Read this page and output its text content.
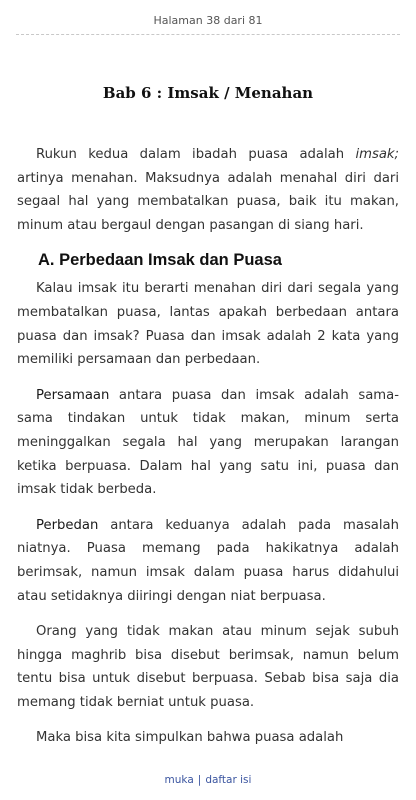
Halaman 38 dari 81
Bab 6 : Imsak / Menahan

Rukun kedua dalam ibadah puasa adalah imsak; artinya menahan. Maksudnya adalah menahal diri dari segaal hal yang membatalkan puasa, baik itu makan, minum atau bergaul dengan pasangan di siang hari.

A. Perbedaan Imsak dan Puasa

Kalau imsak itu berarti menahan diri dari segala yang membatalkan puasa, lantas apakah berbedaan antara puasa dan imsak? Puasa dan imsak adalah 2 kata yang memiliki persamaan dan perbedaan.

Persamaan antara puasa dan imsak adalah sama-sama tindakan untuk tidak makan, minum serta meninggalkan segala hal yang merupakan larangan ketika berpuasa. Dalam hal yang satu ini, puasa dan imsak tidak berbeda.

Perbedan antara keduanya adalah pada masalah niatnya. Puasa memang pada hakikatnya adalah berimsak, namun imsak dalam puasa harus didahului atau setidaknya diiringi dengan niat berpuasa.

Orang yang tidak makan atau minum sejak subuh hingga maghrib bisa disebut berimsak, namun belum tentu bisa untuk disebut berpuasa. Sebab bisa saja dia memang tidak berniat untuk puasa.

Maka bisa kita simpulkan bahwa puasa adalah

muka | daftar isi
